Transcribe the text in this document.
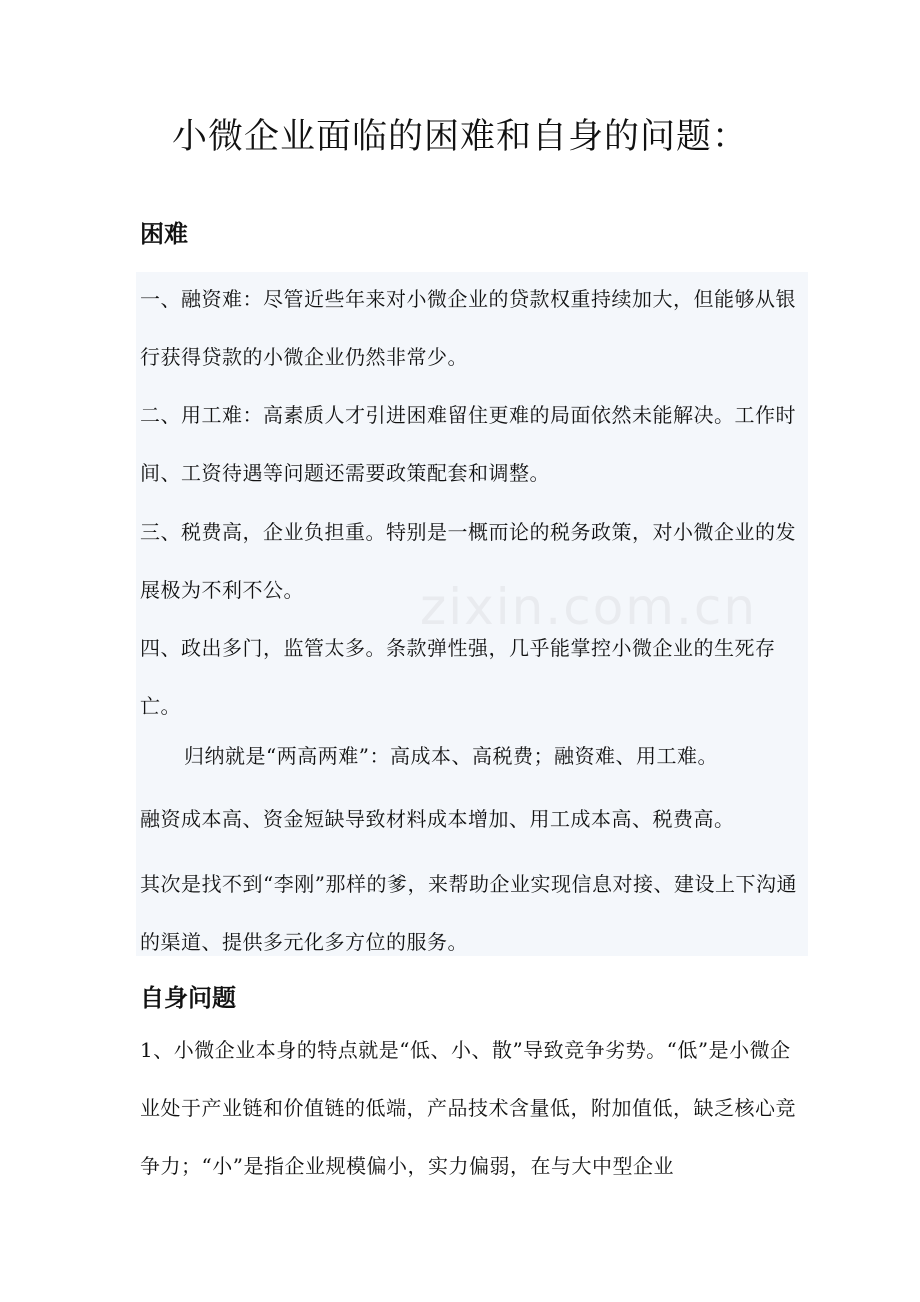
小微企业面临的困难和自身的问题：
困难

一、融资难：尽管近些年来对小微企业的贷款权重持续加大，但能够从银行获得贷款的小微企业仍然非常少。

二、用工难：高素质人才引进困难留住更难的局面依然未能解决。工作时间、工资待遇等问题还需要政策配套和调整。

三、税费高，企业负担重。特别是一概而论的税务政策，对小微企业的发展极为不利不公。

四、政出多门，监管太多。条款弹性强，几乎能掌控小微企业的生死存亡。

归纳就是“两高两难”：高成本、高税费；融资难、用工难。

融资成本高、资金短缺导致材料成本增加、用工成本高、税费高。

其次是找不到“李刚”那样的爹，来帮助企业实现信息对接、建设上下沟通的渠道、提供多元化多方位的服务。

自身问题

1、小微企业本身的特点就是“低、小、散”导致竞争劣势。“低”是小微企业处于产业链和价值链的低端，产品技术含量低，附加值低，缺乏核心竞争力；“小”是指企业规模偏小，实力偏弱，在与大中型企业
